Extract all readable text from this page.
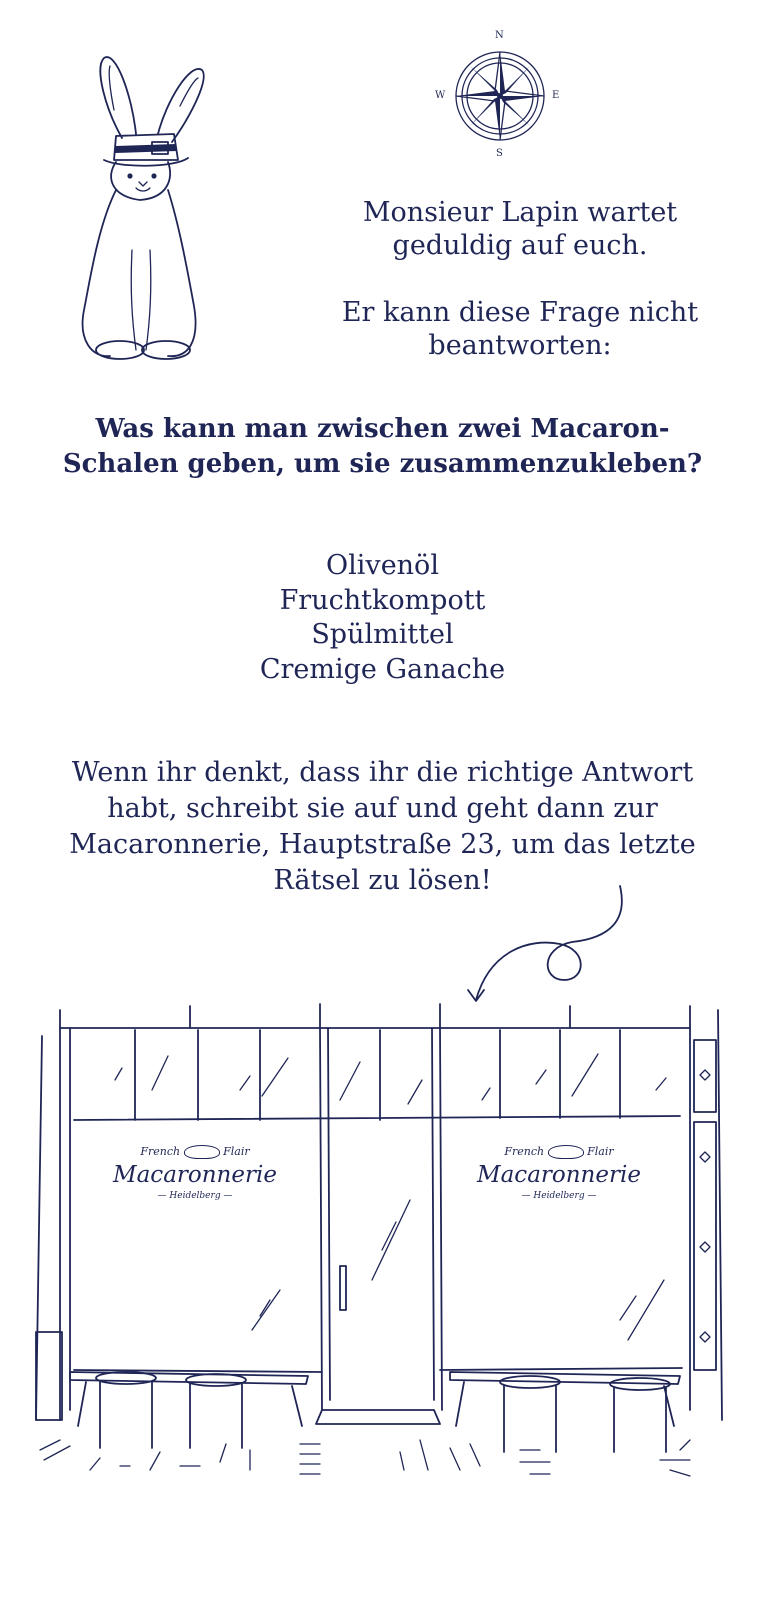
N
S
W	E

Monsieur Lapin wartet geduldig auf euch.

Er kann diese Frage nicht beantworten:

Was kann man zwischen zwei Macaron-Schalen geben, um sie zusammenzukleben?
Olivenöl
Fruchtkompott
Spülmittel
Cremige Ganache
Wenn ihr denkt, dass ihr die richtige Antwort habt, schreibt sie auf und geht dann zur Macaronnerie, Hauptstraße 23, um das letzte Rätsel zu lösen!
French	Flair
Macaronnerie
— Heidelberg —
French	Flair
Macaronnerie
— Heidelberg —
